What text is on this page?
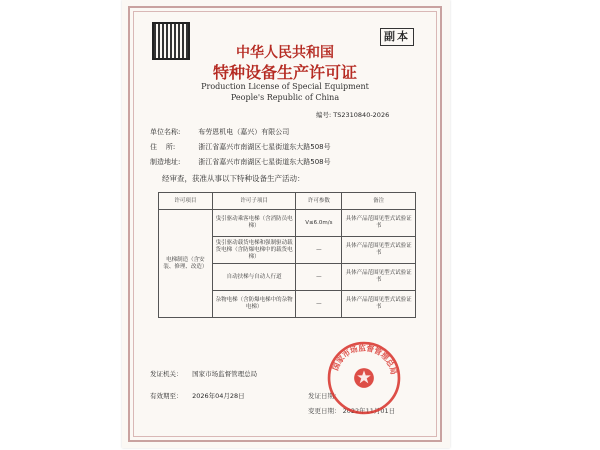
副本
中华人民共和国
特种设备生产许可证
Production License of Special Equipment
People's Republic of China
编号: TS2310840-2026
单位名称:	布劳恩机电（嘉兴）有限公司
住    所:	浙江省嘉兴市南湖区七星街道东大路508号
制造地址:	浙江省嘉兴市南湖区七星街道东大路508号
经审查，获准从事以下特种设备生产活动：
许可项目	许可子项目	许可参数	备注
电梯制造（含安装、修理、改造）	曳引驱动乘客电梯（含消防员电梯）	V≤6.0m/s	具体产品范围见型式试验证书
	曳引驱动载货电梯和强制驱动载货电梯（含防爆电梯中的载货电梯）	—	具体产品范围见型式试验证书
	自动扶梯与自动人行道	—	具体产品范围见型式试验证书
	杂物电梯（含防爆电梯中的杂物电梯）	—	具体产品范围见型式试验证书
发证机关： 国家市场监督管理总局
有效期至： 2026年04月28日	发证日期：
变更日期： 2022年11月01日
国家市场监督管理总局
